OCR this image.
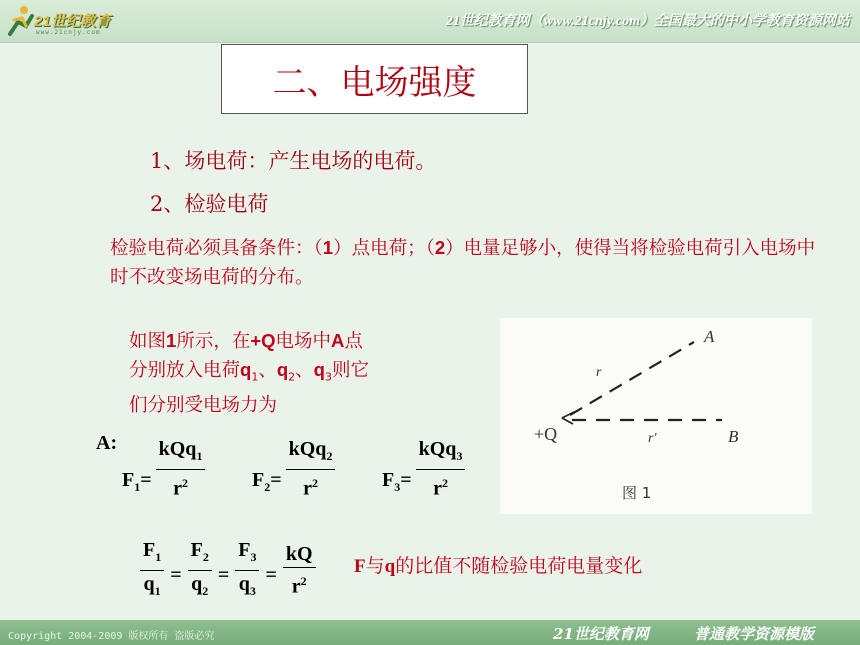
21世纪教育
www.21cnjy.com
21世纪教育网（www.21cnjy.com）全国最大的中小学教育资源网站
二、电场强度
1、场电荷：产生电场的电荷。
2、检验电荷
检验电荷必须具备条件：（1）点电荷；（2）电量足够小，使得当将检验电荷引入电场中时不改变场电荷的分布。
如图1所示，在+Q电场中A点
分别放入电荷$q_1$、$q_2$、$q_3$则它
们分别受电场力为
A
B
+Q
r
r'
图 1
A:
$F_1= \frac{kQq_1}{r^2} F_2= \frac{kQq_2}{r^2} F_3= \frac{kQq_3}{r^2}$
$\frac{F_1}{q_1} = \frac{F_2}{q_2} = \frac{F_3}{q_3} = \frac{kQ}{r^2}$ F与q的比值不随检验电荷电量变化
Copyright 2004-2009 版权所有 盗版必究	21世纪教育网	普通教学资源模版
